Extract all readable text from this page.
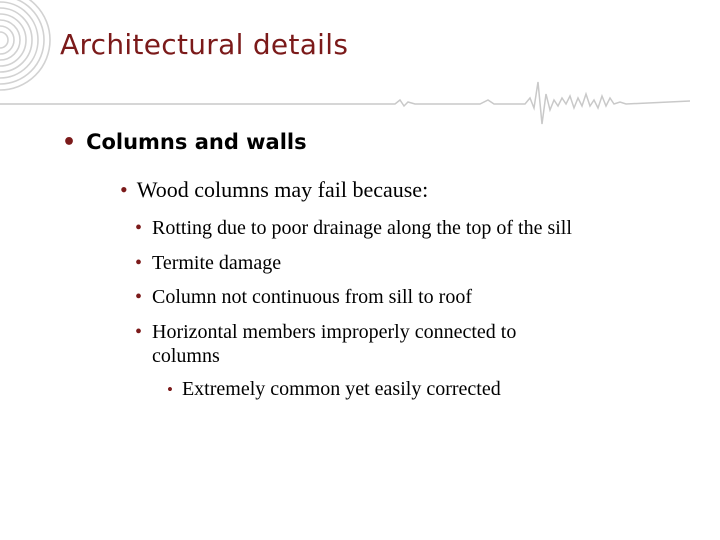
Architectural details
• Columns and walls
• Wood columns may fail because:
• Rotting due to poor drainage along the top of the sill
• Termite damage
• Column not continuous from sill to roof
• Horizontal members improperly connected to
columns
• Extremely common yet easily corrected
